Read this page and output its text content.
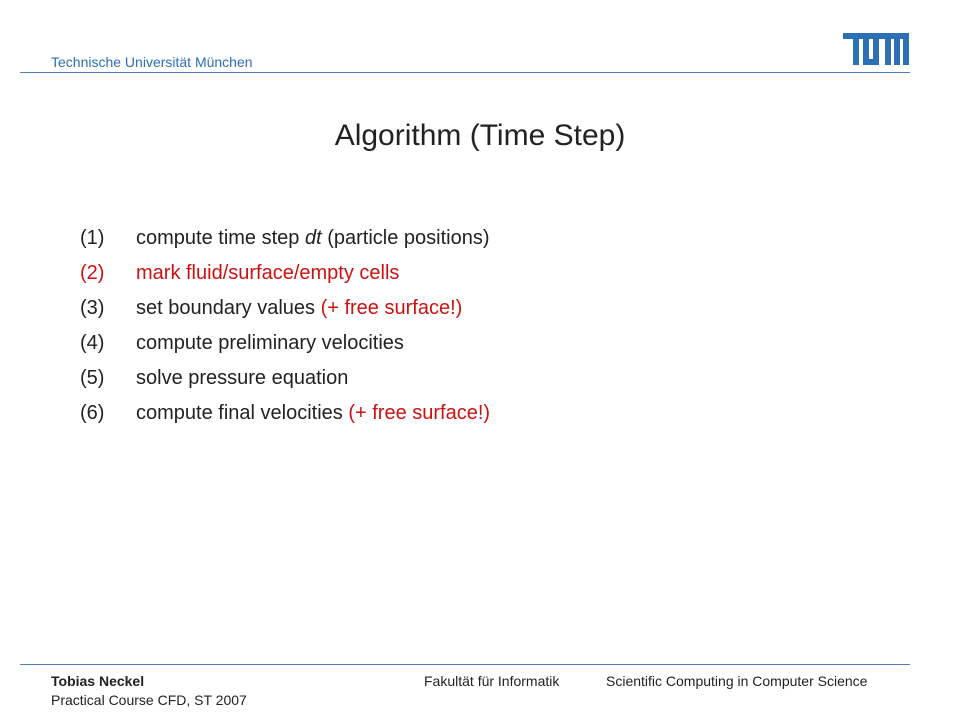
Technische Universität München
Algorithm (Time Step)
(1) compute time step dt (particle positions)
(2) mark fluid/surface/empty cells
(3) set boundary values (+ free surface!)
(4) compute preliminary velocities
(5) solve pressure equation
(6) compute final velocities (+ free surface!)
Tobias Neckel
Practical Course CFD, ST 2007
Fakultät für Informatik	Scientific Computing in Computer Science
